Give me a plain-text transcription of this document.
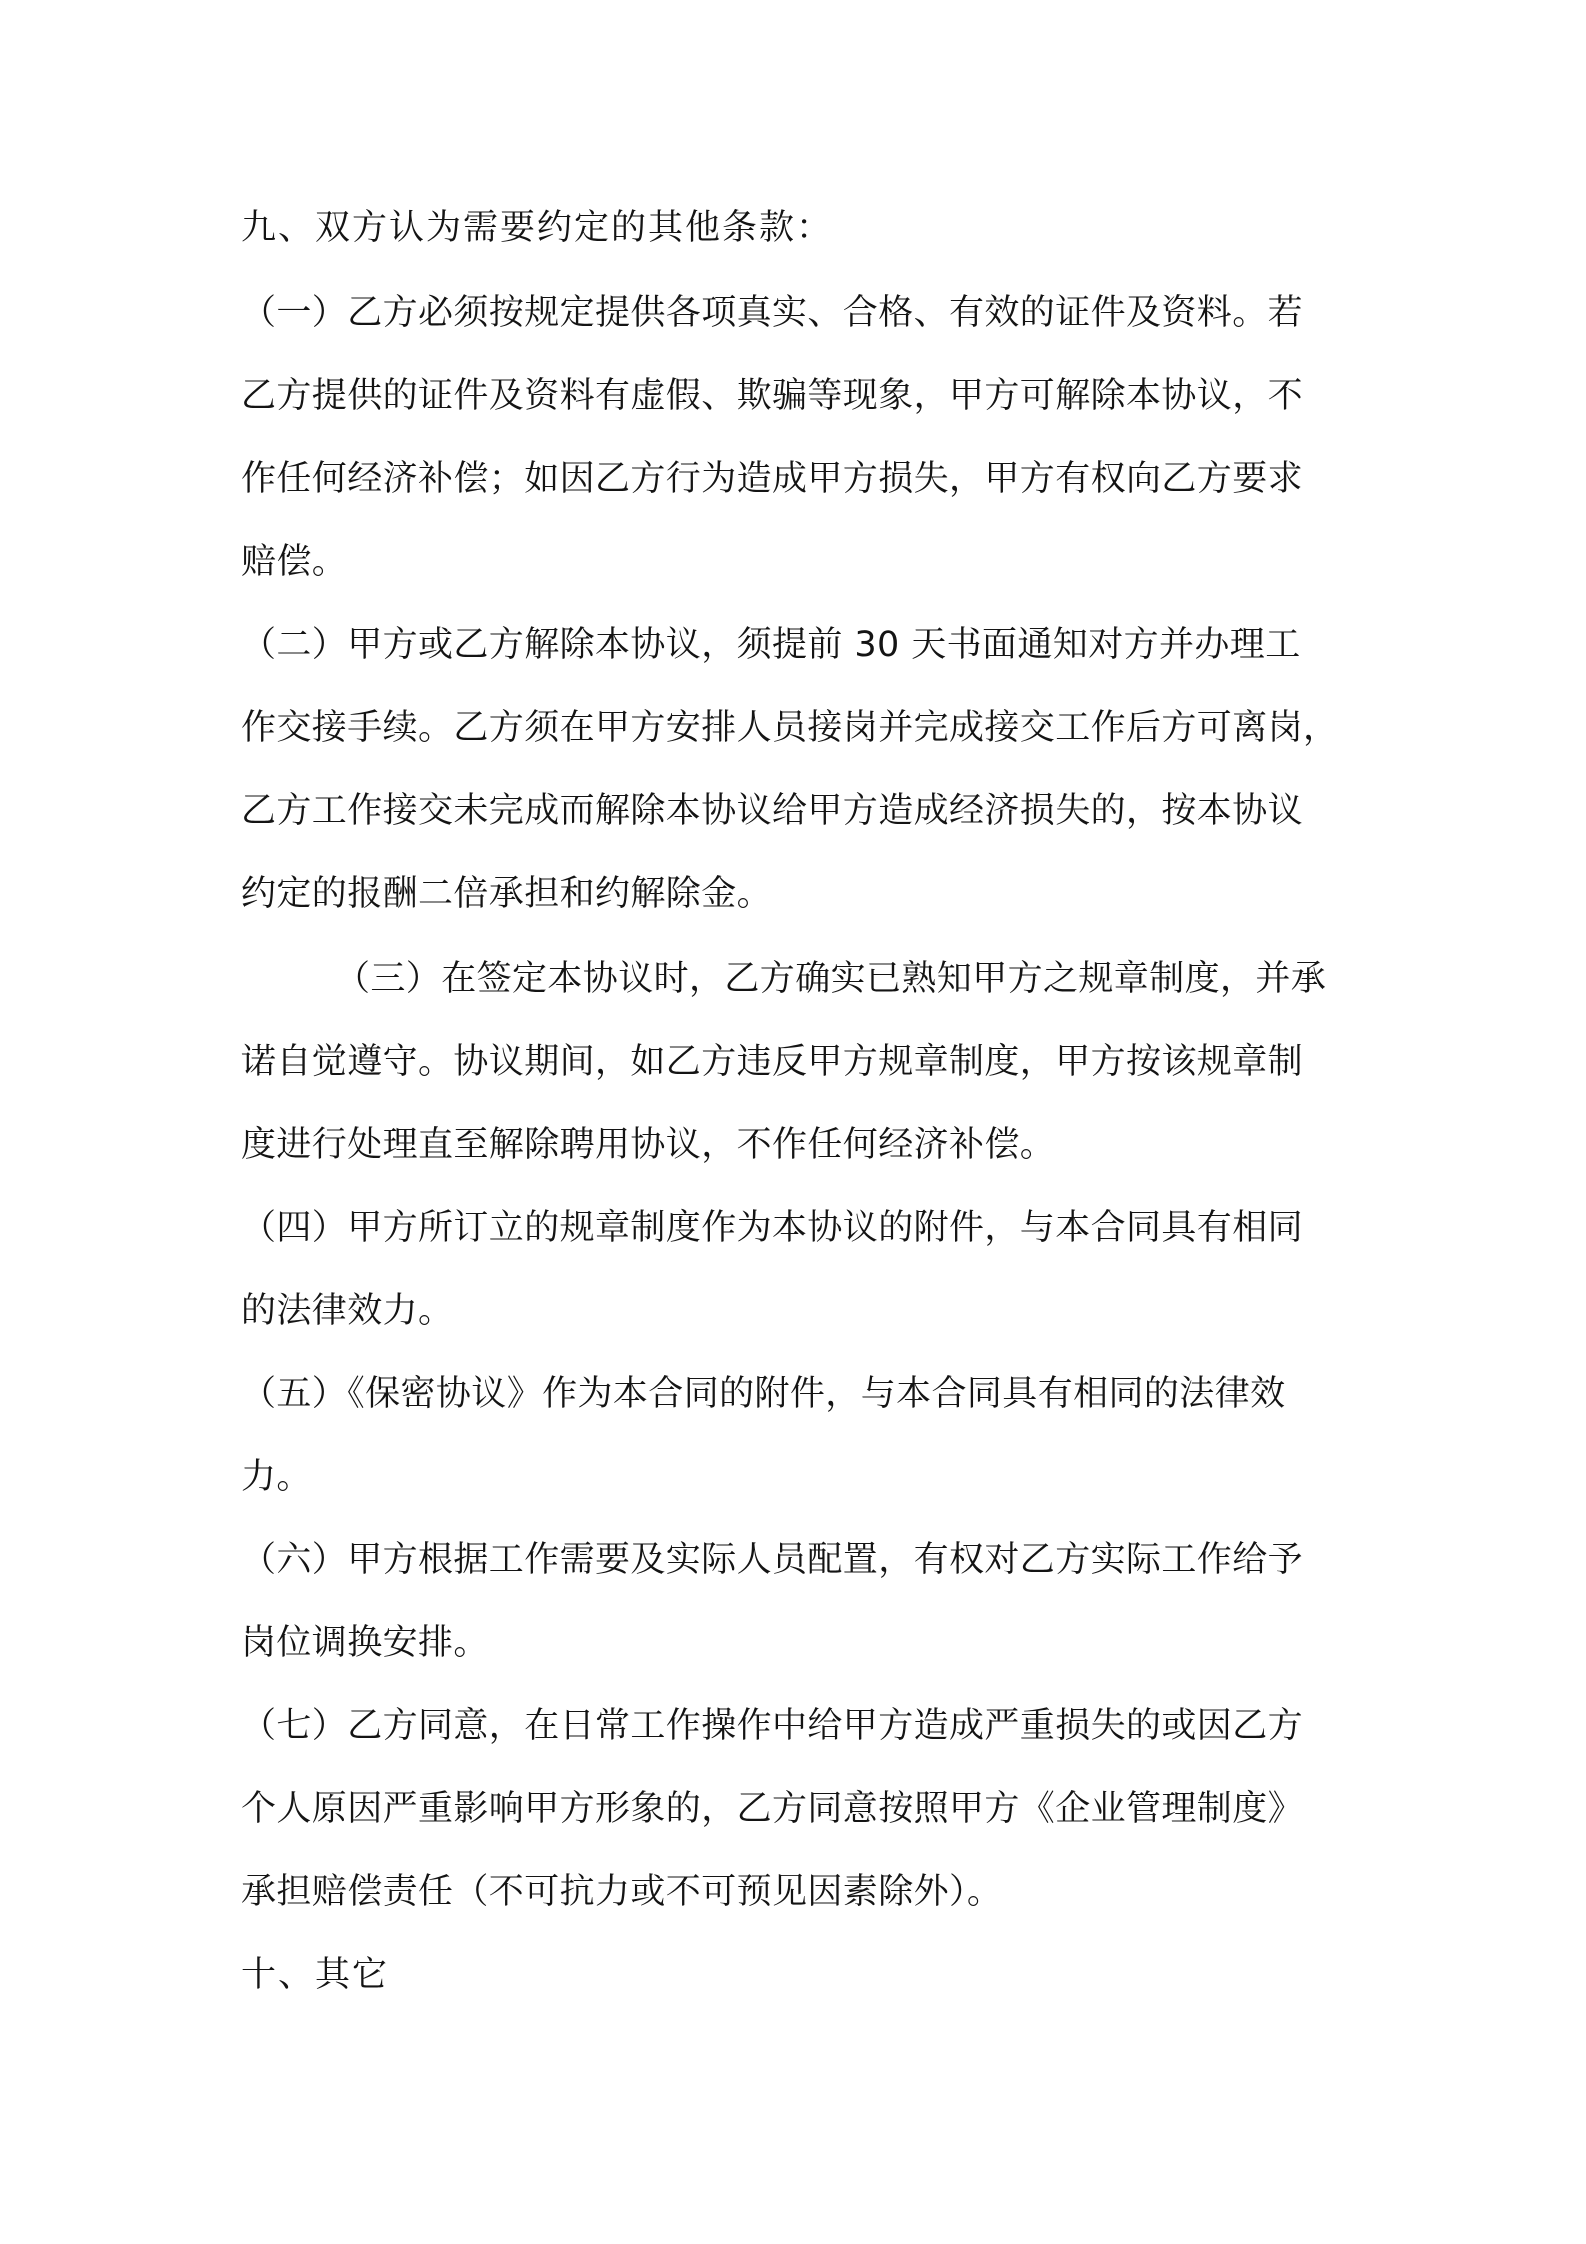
九、双方认为需要约定的其他条款：
（一）乙方必须按规定提供各项真实、合格、有效的证件及资料。若
乙方提供的证件及资料有虚假、欺骗等现象，甲方可解除本协议，不
作任何经济补偿；如因乙方行为造成甲方损失，甲方有权向乙方要求
赔偿。
（二）甲方或乙方解除本协议，须提前 30 天书面通知对方并办理工
作交接手续。乙方须在甲方安排人员接岗并完成接交工作后方可离岗，
乙方工作接交未完成而解除本协议给甲方造成经济损失的，按本协议
约定的报酬二倍承担和约解除金。
（三）在签定本协议时，乙方确实已熟知甲方之规章制度，并承
诺自觉遵守。协议期间，如乙方违反甲方规章制度，甲方按该规章制
度进行处理直至解除聘用协议，不作任何经济补偿。
（四）甲方所订立的规章制度作为本协议的附件，与本合同具有相同
的法律效力。
（五）《保密协议》作为本合同的附件，与本合同具有相同的法律效
力。
（六）甲方根据工作需要及实际人员配置，有权对乙方实际工作给予
岗位调换安排。
（七）乙方同意，在日常工作操作中给甲方造成严重损失的或因乙方
个人原因严重影响甲方形象的，乙方同意按照甲方《企业管理制度》
承担赔偿责任（不可抗力或不可预见因素除外）。
十、其它
